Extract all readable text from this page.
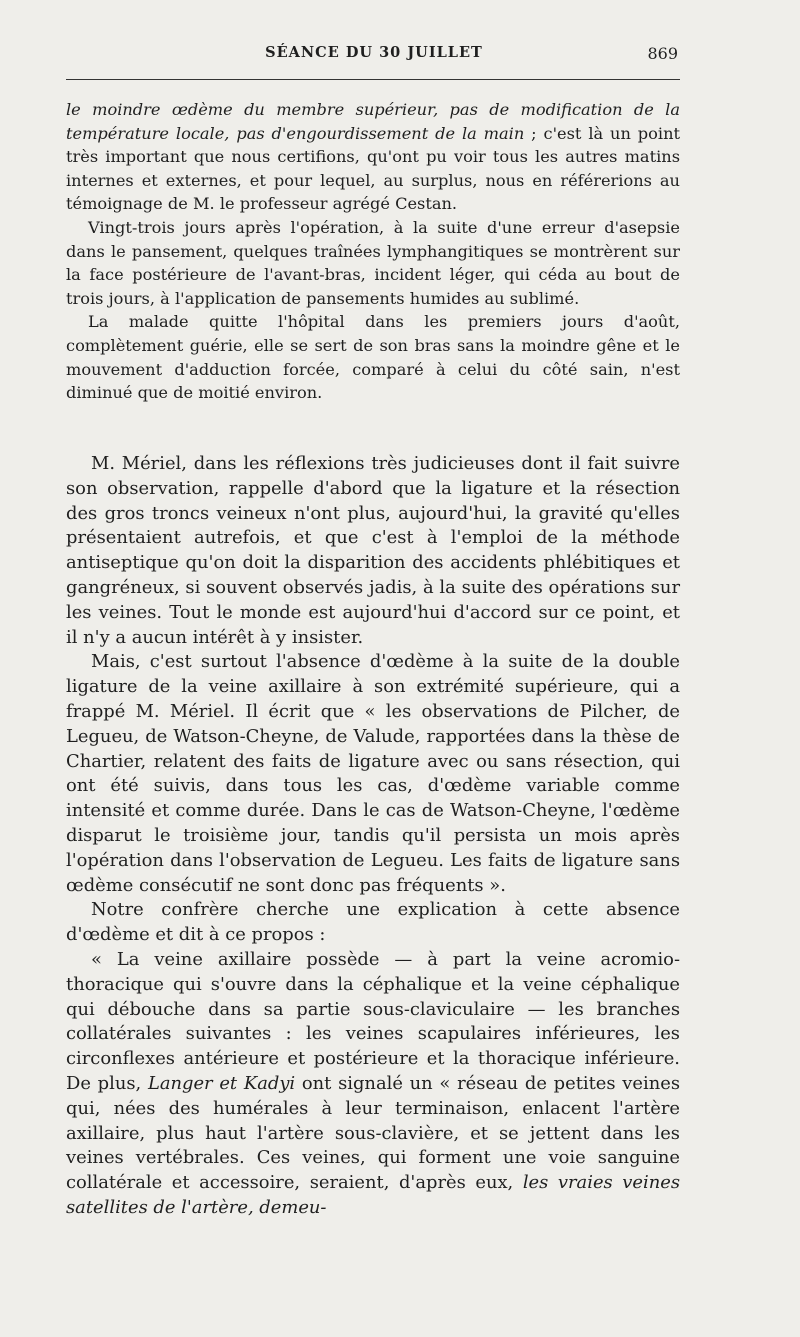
SÉANCE DU 30 JUILLET	869

le moindre œdème du membre supérieur, pas de modification de la température locale, pas d'engourdissement de la main ; c'est là un point très important que nous certifions, qu'ont pu voir tous les autres matins internes et externes, et pour lequel, au surplus, nous en référerions au témoignage de M. le professeur agrégé Cestan.

Vingt-trois jours après l'opération, à la suite d'une erreur d'asepsie dans le pansement, quelques traînées lymphangitiques se montrèrent sur la face postérieure de l'avant-bras, incident léger, qui céda au bout de trois jours, à l'application de pansements humides au sublimé.

La malade quitte l'hôpital dans les premiers jours d'août, complètement guérie, elle se sert de son bras sans la moindre gêne et le mouvement d'adduction forcée, comparé à celui du côté sain, n'est diminué que de moitié environ.

M. Mériel, dans les réflexions très judicieuses dont il fait suivre son observation, rappelle d'abord que la ligature et la résection des gros troncs veineux n'ont plus, aujourd'hui, la gravité qu'elles présentaient autrefois, et que c'est à l'emploi de la méthode antiseptique qu'on doit la disparition des accidents phlébitiques et gangréneux, si souvent observés jadis, à la suite des opérations sur les veines. Tout le monde est aujourd'hui d'accord sur ce point, et il n'y a aucun intérêt à y insister.

Mais, c'est surtout l'absence d'œdème à la suite de la double ligature de la veine axillaire à son extrémité supérieure, qui a frappé M. Mériel. Il écrit que « les observations de Pilcher, de Legueu, de Watson-Cheyne, de Valude, rapportées dans la thèse de Chartier, relatent des faits de ligature avec ou sans résection, qui ont été suivis, dans tous les cas, d'œdème variable comme intensité et comme durée. Dans le cas de Watson-Cheyne, l'œdème disparut le troisième jour, tandis qu'il persista un mois après l'opération dans l'observation de Legueu. Les faits de ligature sans œdème consécutif ne sont donc pas fréquents ».

Notre confrère cherche une explication à cette absence d'œdème et dit à ce propos :

« La veine axillaire possède — à part la veine acromio-thoracique qui s'ouvre dans la céphalique et la veine céphalique qui débouche dans sa partie sous-claviculaire — les branches collatérales suivantes : les veines scapulaires inférieures, les circonflexes antérieure et postérieure et la thoracique inférieure. De plus, Langer et Kadyi ont signalé un « réseau de petites veines qui, nées des humérales à leur terminaison, enlacent l'artère axillaire, plus haut l'artère sous-clavière, et se jettent dans les veines vertébrales. Ces veines, qui forment une voie sanguine collatérale et accessoire, seraient, d'après eux, les vraies veines satellites de l'artère, demeu-
